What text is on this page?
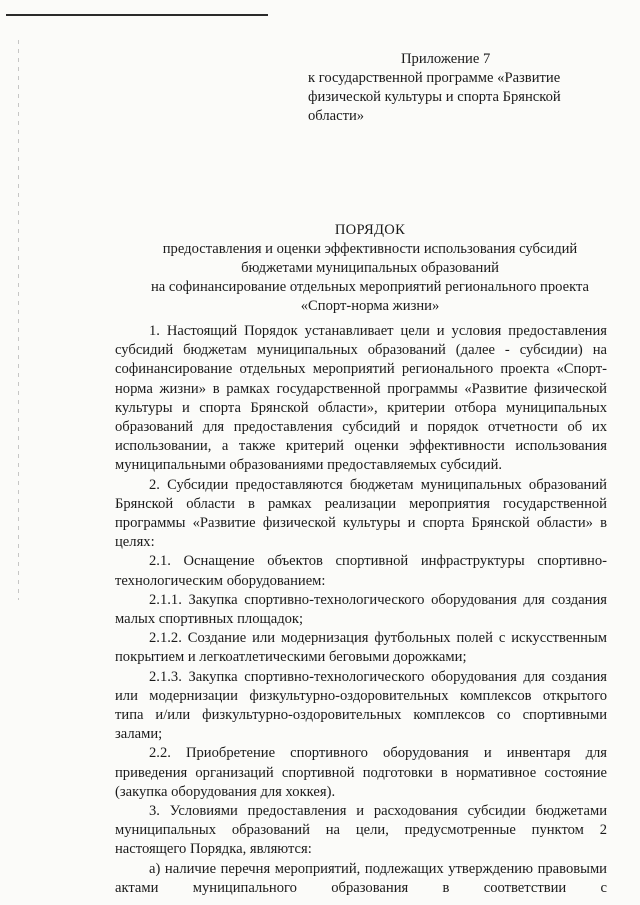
Приложение 7
к государственной программе «Развитие
физической культуры и спорта Брянской
области»
ПОРЯДОК
предоставления и оценки эффективности использования субсидий
бюджетами муниципальных образований
на софинансирование отдельных мероприятий регионального проекта
«Спорт-норма жизни»

1. Настоящий Порядок устанавливает цели и условия предоставления субсидий бюджетам муниципальных образований (далее - субсидии) на софинансирование отдельных мероприятий регионального проекта «Спорт-норма жизни» в рамках государственной программы «Развитие физической культуры и спорта Брянской области», критерии отбора муниципальных образований для предоставления субсидий и порядок отчетности об их использовании, а также критерий оценки эффективности использования муниципальными образованиями предоставляемых субсидий.

2. Субсидии предоставляются бюджетам муниципальных образований Брянской области в рамках реализации мероприятия государственной программы «Развитие физической культуры и спорта Брянской области» в целях:

2.1. Оснащение объектов спортивной инфраструктуры спортивно-технологическим оборудованием:

2.1.1. Закупка спортивно-технологического оборудования для создания малых спортивных площадок;

2.1.2. Создание или модернизация футбольных полей с искусственным покрытием и легкоатлетическими беговыми дорожками;

2.1.3. Закупка спортивно-технологического оборудования для создания или модернизации физкультурно-оздоровительных комплексов открытого типа и/или физкультурно-оздоровительных комплексов со спортивными залами;

2.2. Приобретение спортивного оборудования и инвентаря для приведения организаций спортивной подготовки в нормативное состояние (закупка оборудования для хоккея).

3. Условиями предоставления и расходования субсидии бюджетами муниципальных образований на цели, предусмотренные пунктом 2 настоящего Порядка, являются:

а) наличие перечня мероприятий, подлежащих утверждению правовыми актами муниципального образования в соответствии с
